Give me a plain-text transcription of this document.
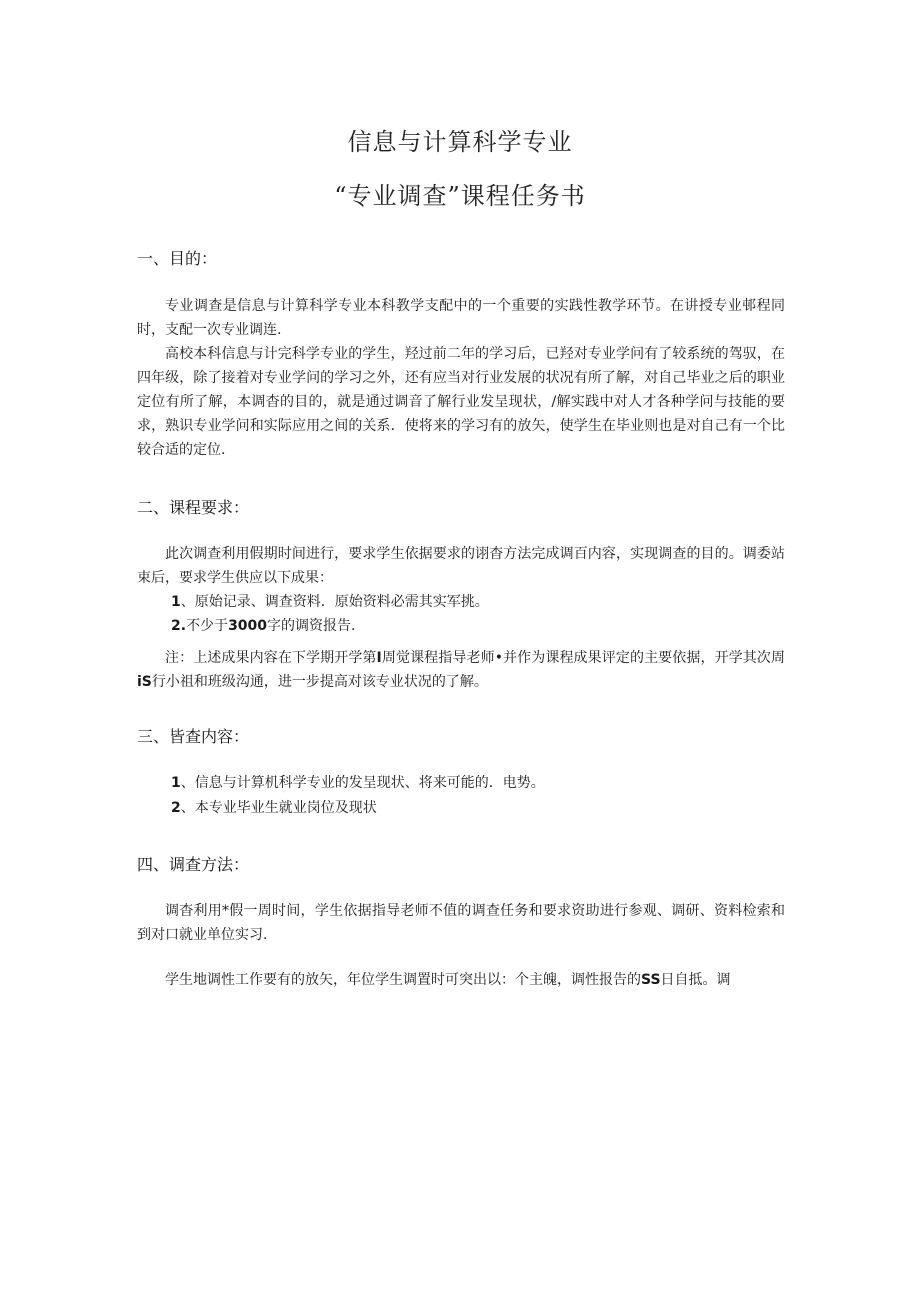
信息与计算科学专业
“专业调查”课程任务书
一、目的：
专业调查是信息与计算科学专业本科教学支配中的一个重要的实践性教学环节。在讲授专业邨程同时，支配一次专业调连.
高校本科信息与计完科学专业的学生，羟过前二年的学习后，已羟对专业学问有了较系统的驾驭，在四年级，除了接着对专业学问的学习之外，还有应当对行业发展的状况有所了解，对自己毕业之后的职业定位有所了解，本调杳的目的，就是通过调音了解行业发呈现状，/解实践中对人才各种学问与技能的要求，熟识专业学问和实际应用之间的关系．使将来的学习有的放矢，使学生在毕业则也是对自己有一个比较合适的定位.
二、课程要求：
此次调查利用假期时间进行，要求学生依据要求的诩杳方法完成调百内容，实现调查的目的。调委站束后，要求学生供应以下成果：
1、原始记录、调查资料．原始资料必需其实军挑。
2.不少于3000字的调资报告.
注：上述成果内容在下学期开学第I周觉课程指导老师•并作为课程成果评定的主要依据，开学其次周iS行小祖和班级沟通，进一步提高对该专业状况的了解。
三、皆查内容：
1、信息与计算机科学专业的发呈现状、将来可能的．电势。
2、本专业毕业生就业岗位及现状
四、调查方法：
调杳利用*假一周时间，学生依据指导老师不值的调查任务和要求资助进行参观、调研、资料检索和到对口就业单位实习.
学生地调性工作要有的放矢，年位学生调置时可突出以：个主魄，调性报告的SS日自抵。调
